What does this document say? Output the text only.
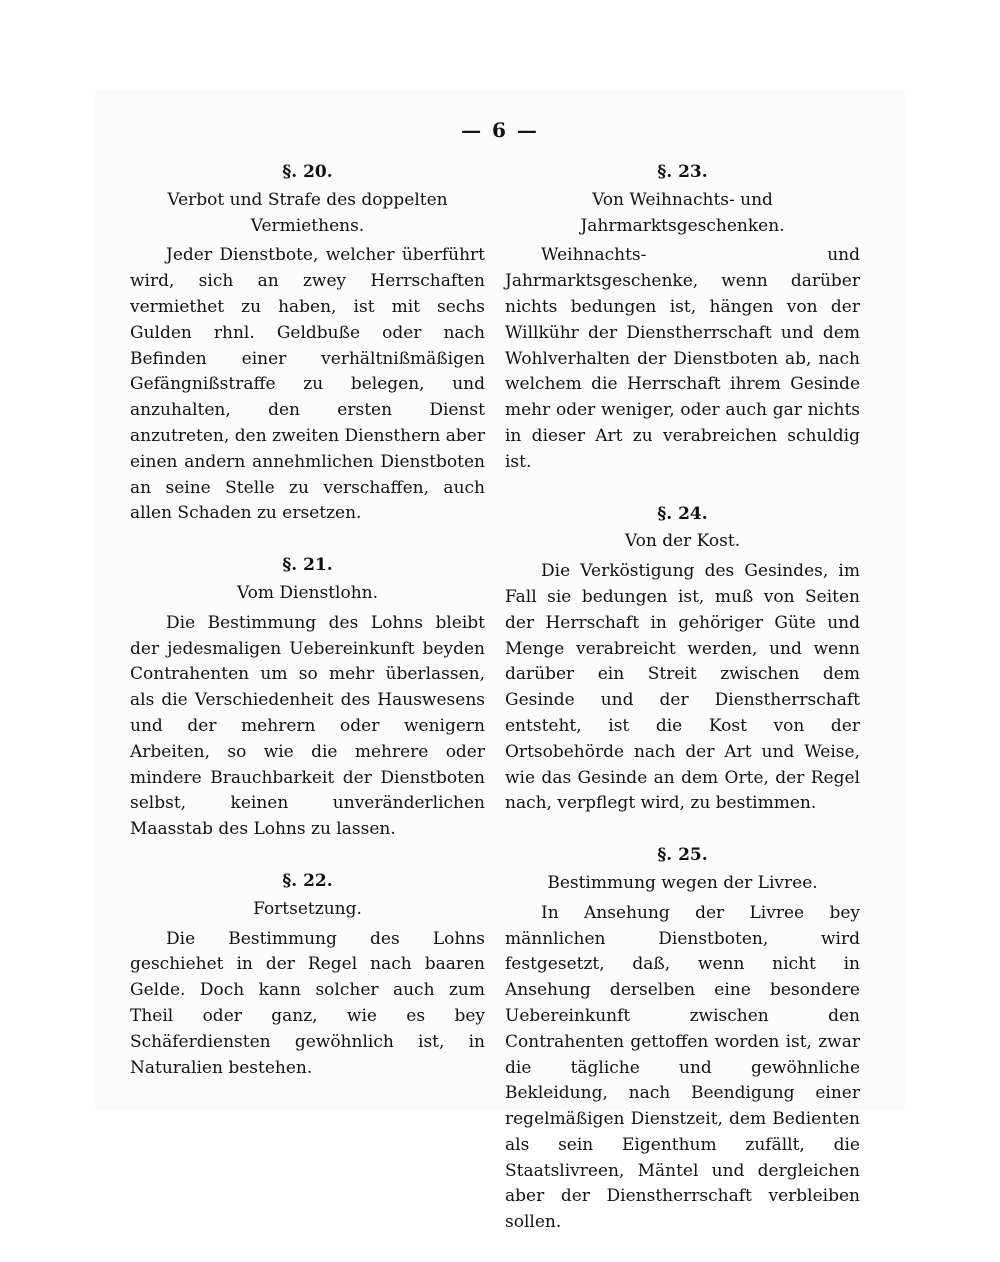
— 6 —
§. 20.
Verbot und Strafe des doppelten Vermiethens.
Jeder Dienstbote, welcher überführt wird, sich an zwey Herrschaften vermiethet zu haben, ist mit sechs Gulden rhnl. Geldbuße oder nach Befinden einer verhältnißmäßigen Gefängnißstraffe zu belegen, und anzuhalten, den ersten Dienst anzutreten, den zweiten Diensthern aber einen andern annehmlichen Dienstboten an seine Stelle zu verschaffen, auch allen Schaden zu ersetzen.
§. 21.
Vom Dienstlohn.
Die Bestimmung des Lohns bleibt der jedesmaligen Uebereinkunft beyden Contrahenten um so mehr überlassen, als die Verschiedenheit des Hauswesens und der mehrern oder wenigern Arbeiten, so wie die mehrere oder mindere Brauchbarkeit der Dienstboten selbst, keinen unveränderlichen Maasstab des Lohns zu lassen.
§. 22.
Fortsetzung.
Die Bestimmung des Lohns geschiehet in der Regel nach baaren Gelde. Doch kann solcher auch zum Theil oder ganz, wie es bey Schäferdiensten gewöhnlich ist, in Naturalien bestehen.
§. 23.
Von Weihnachts- und Jahrmarktsgeschenken.
Weihnachts- und Jahrmarktsgeschenke, wenn darüber nichts bedungen ist, hängen von der Willkühr der Dienstherrschaft und dem Wohlverhalten der Dienstboten ab, nach welchem die Herrschaft ihrem Gesinde mehr oder weniger, oder auch gar nichts in dieser Art zu verabreichen schuldig ist.
§. 24.
Von der Kost.
Die Verköstigung des Gesindes, im Fall sie bedungen ist, muß von Seiten der Herrschaft in gehöriger Güte und Menge verabreicht werden, und wenn darüber ein Streit zwischen dem Gesinde und der Dienstherrschaft entsteht, ist die Kost von der Ortsobehörde nach der Art und Weise, wie das Gesinde an dem Orte, der Regel nach, verpflegt wird, zu bestimmen.
§. 25.
Bestimmung wegen der Livree.
In Ansehung der Livree bey männlichen Dienstboten, wird festgesetzt, daß, wenn nicht in Ansehung derselben eine besondere Uebereinkunft zwischen den Contrahenten gettoffen worden ist, zwar die tägliche und gewöhnliche Bekleidung, nach Beendigung einer regelmäßigen Dienstzeit, dem Bedienten als sein Eigenthum zufällt, die Staatslivreen, Mäntel und dergleichen aber der Dienstherrschaft verbleiben sollen.
